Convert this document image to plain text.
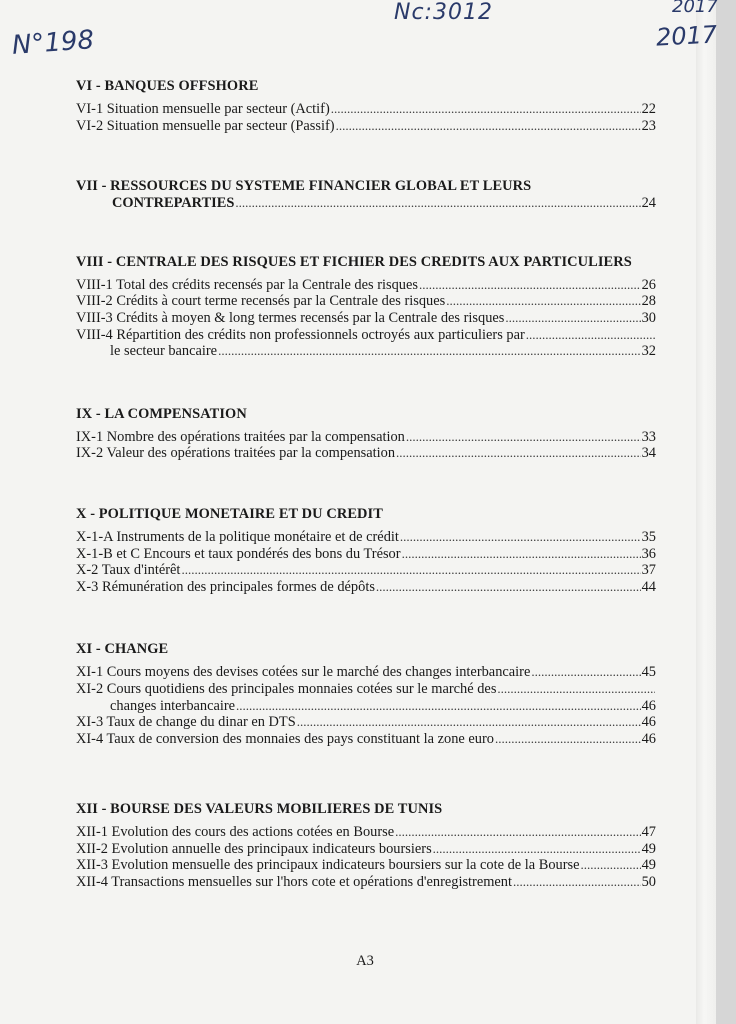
N°198
Nc:3012	2017
2017
VI - BANQUES OFFSHORE
VI-1 Situation mensuelle par secteur (Actif) .....	22
VI-2 Situation mensuelle par secteur (Passif) .....	23
VII - RESSOURCES DU SYSTEME FINANCIER GLOBAL ET LEURS
CONTREPARTIES .....	24
VIII - CENTRALE DES RISQUES ET FICHIER DES CREDITS AUX PARTICULIERS
VIII-1 Total des crédits recensés par la Centrale des risques .....	26
VIII-2 Crédits à court terme recensés par la Centrale des risques .....	28
VIII-3 Crédits à moyen & long termes recensés par la Centrale des risques .....	30
VIII-4 Répartition des crédits non professionnels octroyés aux particuliers par
.....
le secteur bancaire .....	32
IX - LA COMPENSATION
IX-1 Nombre des opérations traitées par la compensation .....	33
IX-2 Valeur des opérations traitées par la compensation .....	34
X - POLITIQUE MONETAIRE ET DU CREDIT
X-1-A Instruments de la politique monétaire et de crédit .....	35
X-1-B et C Encours et taux pondérés des bons du Trésor .....	36
X-2 Taux d'intérêt .....	37
X-3 Rémunération des principales formes de dépôts .....	44
XI - CHANGE
XI-1 Cours moyens des devises cotées sur le marché des changes interbancaire .....	45
XI-2 Cours quotidiens des principales monnaies cotées sur le marché des
.....
changes interbancaire .....	46
XI-3 Taux de change du dinar en DTS .....	46
XI-4 Taux de conversion des monnaies des pays constituant la zone euro .....	46
XII - BOURSE DES VALEURS MOBILIERES DE TUNIS
XII-1 Evolution des cours des actions cotées en Bourse .....	47
XII-2 Evolution annuelle des principaux indicateurs boursiers .....	49
XII-3 Evolution mensuelle des principaux indicateurs boursiers sur la cote de la Bourse .....	49
XII-4 Transactions mensuelles sur l'hors cote et opérations d'enregistrement .....	50
A3
